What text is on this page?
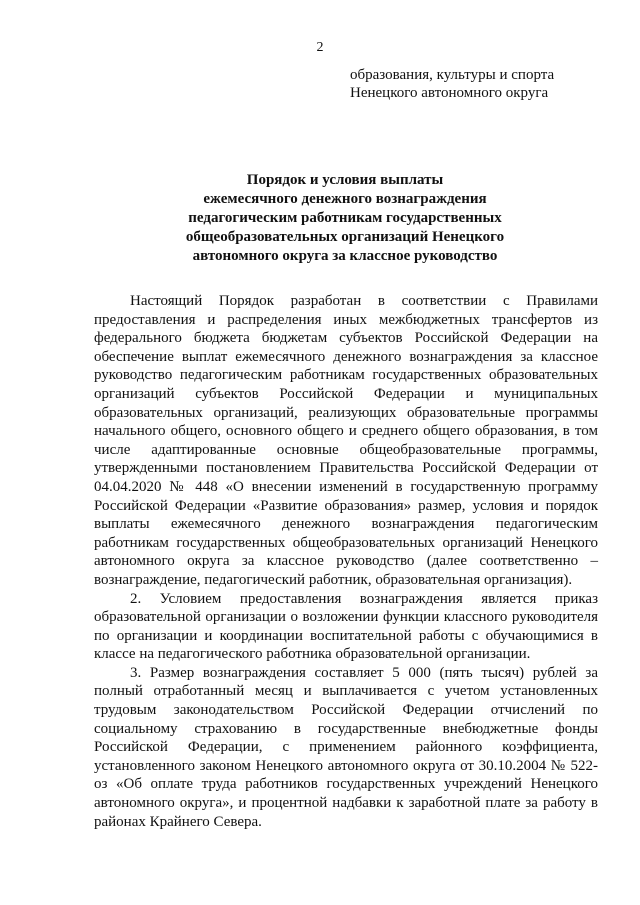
2
образования, культуры и спорта
Ненецкого автономного округа
Порядок и условия выплаты
ежемесячного денежного вознаграждения
педагогическим работникам государственных
общеобразовательных организаций Ненецкого
автономного округа за классное руководство

Настоящий Порядок разработан в соответствии с Правилами предоставления и распределения иных межбюджетных трансфертов из федерального бюджета бюджетам субъектов Российской Федерации на обеспечение выплат ежемесячного денежного вознаграждения за классное руководство педагогическим работникам государственных образовательных организаций субъектов Российской Федерации и муниципальных образовательных организаций, реализующих образовательные программы начального общего, основного общего и среднего общего образования, в том числе адаптированные основные общеобразовательные программы, утвержденными постановлением Правительства Российской Федерации от 04.04.2020 № 448 «О внесении изменений в государственную программу Российской Федерации «Развитие образования» размер, условия и порядок выплаты ежемесячного денежного вознаграждения педагогическим работникам государственных общеобразовательных организаций Ненецкого автономного округа за классное руководство (далее соответственно – вознаграждение, педагогический работник, образовательная организация).

2. Условием предоставления вознаграждения является приказ образовательной организации о возложении функции классного руководителя по организации и координации воспитательной работы с обучающимися в классе на педагогического работника образовательной организации.

3. Размер вознаграждения составляет 5 000 (пять тысяч) рублей за полный отработанный месяц и выплачивается с учетом установленных трудовым законодательством Российской Федерации отчислений по социальному страхованию в государственные внебюджетные фонды Российской Федерации, с применением районного коэффициента, установленного законом Ненецкого автономного округа от 30.10.2004 № 522-оз «Об оплате труда работников государственных учреждений Ненецкого автономного округа», и процентной надбавки к заработной плате за работу в районах Крайнего Севера.
